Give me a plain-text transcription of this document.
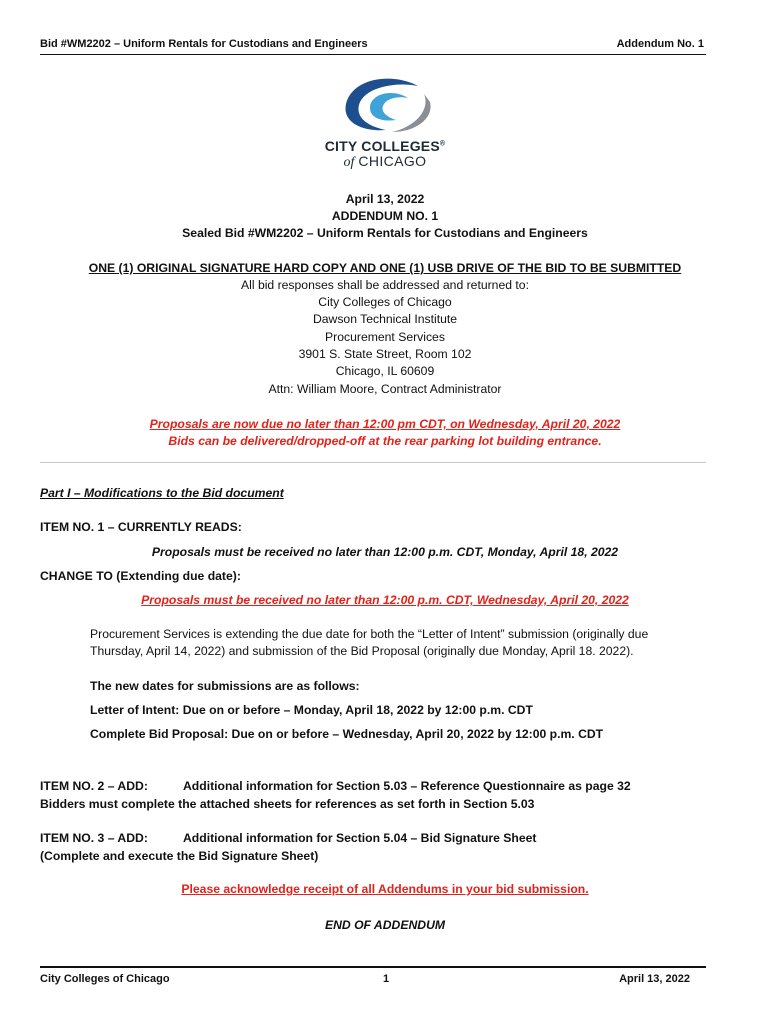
Bid #WM2202 – Uniform Rentals for Custodians and Engineers	Addendum No. 1
CITY COLLEGES®
of CHICAGO
April 13, 2022
ADDENDUM NO. 1
Sealed Bid #WM2202 – Uniform Rentals for Custodians and Engineers
ONE (1) ORIGINAL SIGNATURE HARD COPY AND ONE (1) USB DRIVE OF THE BID TO BE SUBMITTED
All bid responses shall be addressed and returned to:
City Colleges of Chicago
Dawson Technical Institute
Procurement Services
3901 S. State Street, Room 102
Chicago, IL 60609
Attn: William Moore, Contract Administrator
Proposals are now due no later than 12:00 pm CDT, on Wednesday, April 20, 2022
Bids can be delivered/dropped-off at the rear parking lot building entrance.
Part I – Modifications to the Bid document
ITEM NO. 1 – CURRENTLY READS:
Proposals must be received no later than 12:00 p.m. CDT, Monday, April 18, 2022
CHANGE TO (Extending due date):
Proposals must be received no later than 12:00 p.m. CDT, Wednesday, April 20, 2022
Procurement Services is extending the due date for both the “Letter of Intent” submission (originally due
Thursday, April 14, 2022) and submission of the Bid Proposal (originally due Monday, April 18. 2022).
The new dates for submissions are as follows:
Letter of Intent: Due on or before – Monday, April 18, 2022 by 12:00 p.m. CDT
Complete Bid Proposal: Due on or before – Wednesday, April 20, 2022 by 12:00 p.m. CDT
ITEM NO. 2 – ADD:	Additional information for Section 5.03 – Reference Questionnaire as page 32
Bidders must complete the attached sheets for references as set forth in Section 5.03
ITEM NO. 3 – ADD:	Additional information for Section 5.04 – Bid Signature Sheet
(Complete and execute the Bid Signature Sheet)
Please acknowledge receipt of all Addendums in your bid submission.
END OF ADDENDUM
City Colleges of Chicago	1	April 13, 2022
